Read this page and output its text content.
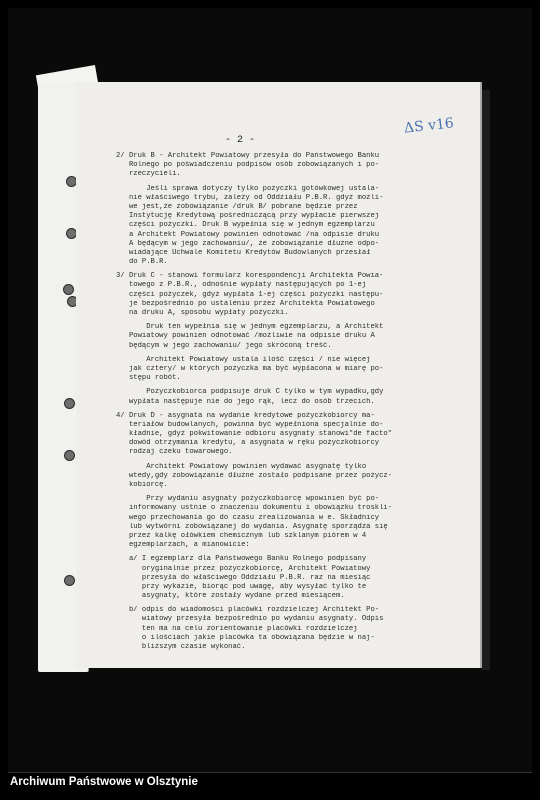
ΔS v16
- 2 -
2/ Druk B - Architekt Powiatowy przesyła do Państwowego Banku
Rolnego po poświadczeniu podpisów osób zobowiązanych i po-
rzeczycieli.
Jeśli sprawa dotyczy tylko pożyczki gotówkowej ustala-
nie właściwego trybu, zależy od Oddziału P.B.R. gdyż możli-
we jest,że zobowiązanie /druk B/ pobrane będzie przez
Instytucję Kredytową pośredniczącą przy wypłacie pierwszej
części pożyczki. Druk B wypełnia się w jednym egzemplarzu
a Architekt Powiatowy powinien odnotować /na odpisie druku
A będącym w jego zachowaniu/, że zobowiązanie dłużne odpo-
wiadające Uchwale Komitetu Kredytów Budowlanych przesłał
do P.B.R.
3/ Druk C - stanowi formularz korespondencji Architekta Powia-
towego z P.B.R., odnośnie wypłaty następujących po 1-ej
części pożyczek, gdyż wypłata 1-ej części pożyczki następu-
je bezpośrednio po ustaleniu przez Architekta Powiatowego
na druku A, sposobu wypłaty pożyczki.
Druk ten wypełnia się w jednym egzemplarzu, a Architekt
Powiatowy powinien odnotować /możliwie na odpisie druku A
będącym w jego zachowaniu/ jego skróconą treść.
Architekt Powiatowy ustala ilość części / nie więcej
jak cztery/ w których pożyczka ma być wypłacona w miarę po-
stępu robót.
Pożyczkobiorca podpisuje druk C tylko w tym wypadku,gdy
wypłata następuje nie do jego rąk, lecz do osób trzecich.
4/ Druk D - asygnata na wydanie kredytowe pożyczkobiorcy ma-
teriałów budowlanych, powinna być wypełniona specjalnie do-
kładnie, gdyż pokwitowanie odbioru asygnaty stanowi"de facto"
dowód otrzymania kredytu, a asygnata w ręku pożyczkobiorcy
rodzaj czeku towarowego.
Architekt Powiatowy powinien wydawać asygnatę tylko
wtedy,gdy zobowiązanie dłużne zostało podpisane przez pożycz-
kobiorcę.
Przy wydaniu asygnaty pożyczkobiorcę wpowinien być po-
informowany ustnie o znaczeniu dokumentu i obowiązku troskli-
wego przechowania go do czasu zrealizowania w e. Składnicy
lub wytwórni zobowiązanej do wydania. Asygnatę sporządza się
przez kalkę ołówkiem chemicznym lub szklanym piórem w 4
egzemplarzach, a mianowicie:
a/ I egzemplarz dla Państwowego Banku Rolnego podpisany
oryginalnie przez pożyczkobiorcę, Architekt Powiatowy
przesyła do właściwego Oddziału P.B.R. raz na miesiąc
przy wykazie, biorąc pod uwagę, aby wysyłać tylko te
asygnaty, które zostały wydane przed miesiącem.
b/ odpis do wiadomości placówki rozdzielczej Architekt Po-
wiatowy przesyła bezpośrednio po wydaniu asygnaty. Odpis
ten ma na celu zorientowanie placówki rozdzielczej
o ilościach jakie placówka ta obowiązana będzie w naj-
bliższym czasie wykonać.
Archiwum Państwowe w Olsztynie
